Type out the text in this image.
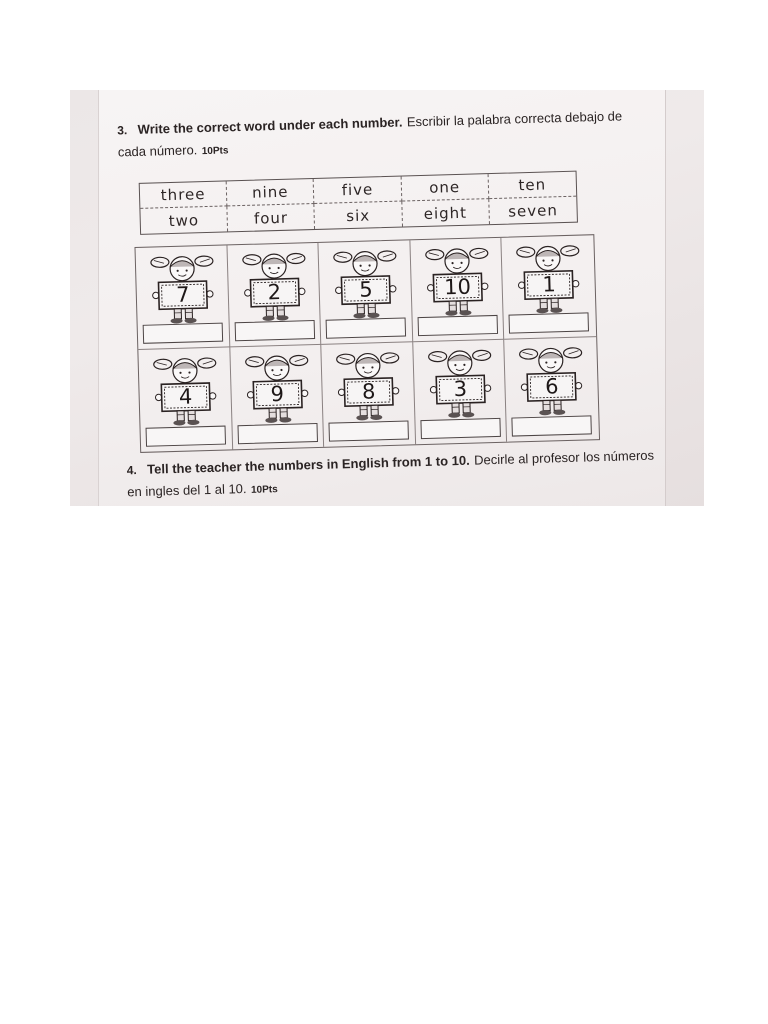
3. Write the correct word under each number. Escribir la palabra correcta debajo de cada número. 10Pts
three	nine	five	one	ten
two	four	six	eight	seven
7	2	5	10	1
4	9	8	3	6
4. Tell the teacher the numbers in English from 1 to 10. Decirle al profesor los números en ingles del 1 al 10. 10Pts
